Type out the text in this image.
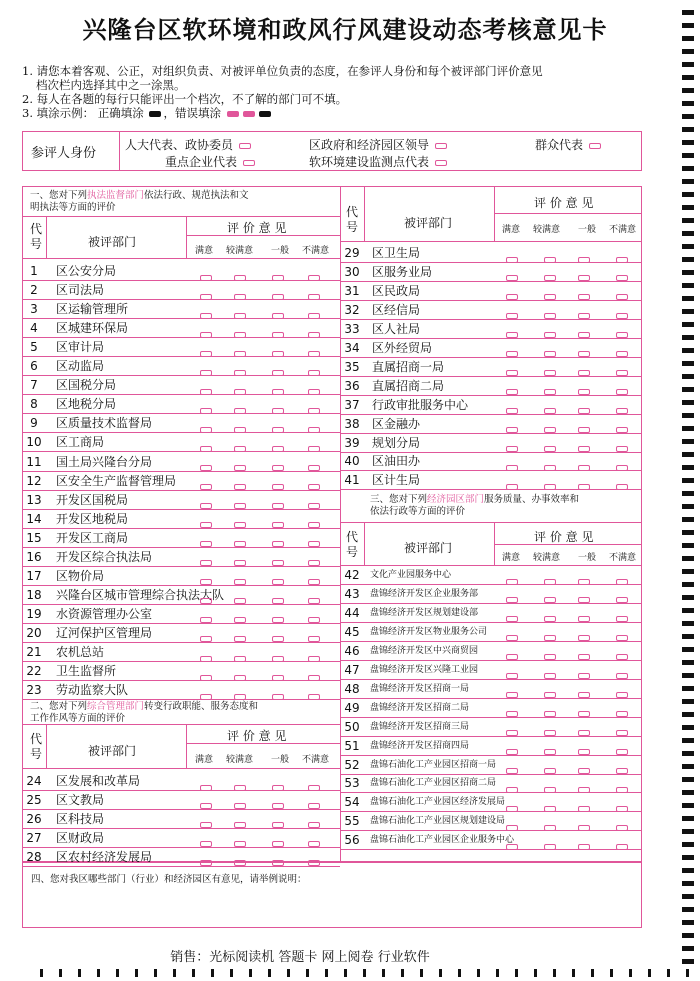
兴隆台区软环境和政风行风建设动态考核意见卡
1. 请您本着客观、公正，对组织负责、对被评单位负责的态度，在参评人身份和每个被评部门评价意见
档次栏内选择其中之一涂黑。
2. 每人在各题的每行只能评出一个档次，不了解的部门可不填。
3. 填涂示例： 正确填涂 ，错误填涂
参评人身份
人大代表、政协委员	区政府和经济园区领导	群众代表
重点企业代表	软环境建设监测点代表
一、您对下列执法监督部门依法行政、规范执法和文
明执法等方面的评价
代
号	被评部门
评 价 意 见
满意 较满意 一般 不满意
1	区公安分局
2	区司法局
3	区运输管理所
4	区城建环保局
5	区审计局
6	区动监局
7	区国税分局
8	区地税分局
9	区质量技术监督局
10	区工商局
11	国土局兴隆台分局
12	区安全生产监督管理局
13	开发区国税局
14	开发区地税局
15	开发区工商局
16	开发区综合执法局
17	区物价局
18	兴隆台区城市管理综合执法大队
19	水资源管理办公室
20	辽河保护区管理局
21	农机总站
22	卫生监督所
23	劳动监察大队
二、您对下列综合管理部门转变行政职能、服务态度和
工作作风等方面的评价
代
号	被评部门
评 价 意 见
满意 较满意 一般 不满意
24	区发展和改革局
25	区文教局
26	区科技局
27	区财政局
28	区农村经济发展局
代
号	被评部门
评 价 意 见
满意 较满意 一般 不满意
29	区卫生局
30	区服务业局
31	区民政局
32	区经信局
33	区人社局
34	区外经贸局
35	直属招商一局
36	直属招商二局
37	行政审批服务中心
38	区金融办
39	规划分局
40	区油田办
41	区计生局
三、您对下列经济园区部门服务质量、办事效率和
依法行政等方面的评价
代
号	被评部门
评 价 意 见
满意 较满意 一般 不满意
42	文化产业园服务中心
43	盘锦经济开发区企业服务部
44	盘锦经济开发区规划建设部
45	盘锦经济开发区物业服务公司
46	盘锦经济开发区中兴商贸园
47	盘锦经济开发区兴隆工业园
48	盘锦经济开发区招商一局
49	盘锦经济开发区招商二局
50	盘锦经济开发区招商三局
51	盘锦经济开发区招商四局
52	盘锦石油化工产业园区招商一局
53	盘锦石油化工产业园区招商二局
54	盘锦石油化工产业园区经济发展局
55	盘锦石油化工产业园区规划建设局
56	盘锦石油化工产业园区企业服务中心
四、您对我区哪些部门（行业）和经济园区有意见，请举例说明：
销售：光标阅读机 答题卡 网上阅卷 行业软件
